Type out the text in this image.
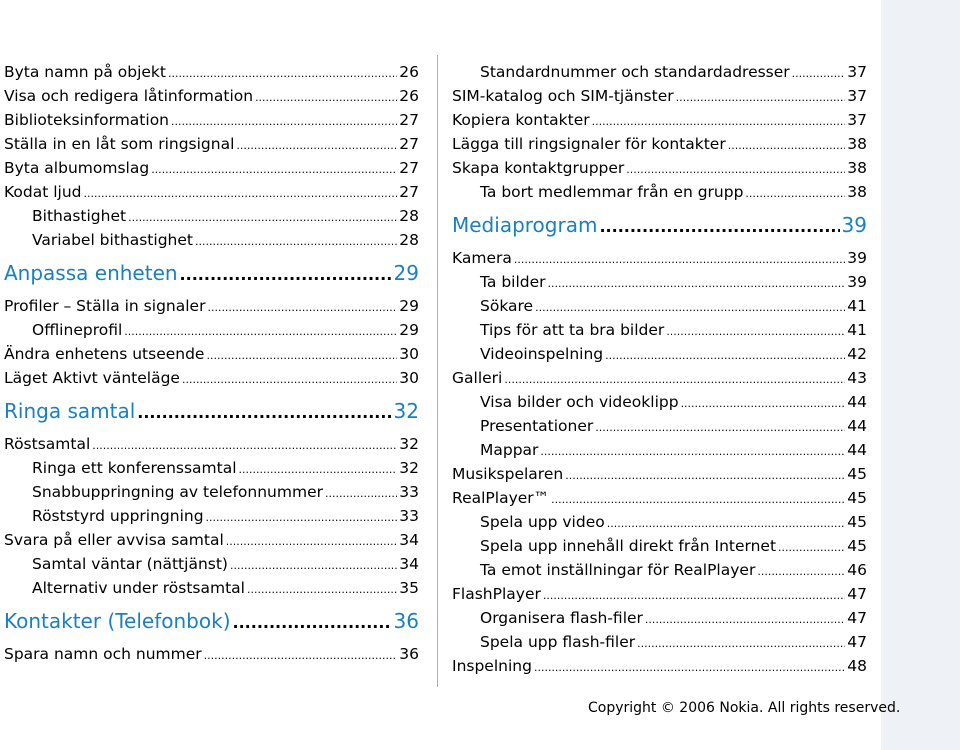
Byta namn på objekt .....	26
Visa och redigera låtinformation .....	26
Biblioteksinformation .....	27
Ställa in en låt som ringsignal .....	27
Byta albumomslag .....	27
Kodat ljud .....	27
Bithastighet .....	28
Variabel bithastighet .....	28
Anpassa enheten .....	29
Profiler – Ställa in signaler .....	29
Offlineprofil .....	29
Ändra enhetens utseende .....	30
Läget Aktivt vänteläge .....	30
Ringa samtal .....	32
Röstsamtal .....	32
Ringa ett konferenssamtal .....	32
Snabbuppringning av telefonnummer .....	33
Röststyrd uppringning .....	33
Svara på eller avvisa samtal .....	34
Samtal väntar (nättjänst) .....	34
Alternativ under röstsamtal .....	35
Kontakter (Telefonbok) .....	36
Spara namn och nummer .....	36
Standardnummer och standardadresser .....	37
SIM-katalog och SIM-tjänster .....	37
Kopiera kontakter .....	37
Lägga till ringsignaler för kontakter .....	38
Skapa kontaktgrupper .....	38
Ta bort medlemmar från en grupp .....	38
Mediaprogram .....	39
Kamera .....	39
Ta bilder .....	39
Sökare .....	41
Tips för att ta bra bilder .....	41
Videoinspelning .....	42
Galleri .....	43
Visa bilder och videoklipp .....	44
Presentationer .....	44
Mappar .....	44
Musikspelaren .....	45
RealPlayer™ .....	45
Spela upp video .....	45
Spela upp innehåll direkt från Internet .....	45
Ta emot inställningar för RealPlayer .....	46
FlashPlayer .....	47
Organisera flash-filer .....	47
Spela upp flash-filer .....	47
Inspelning .....	48
Copyright © 2006 Nokia. All rights reserved.
